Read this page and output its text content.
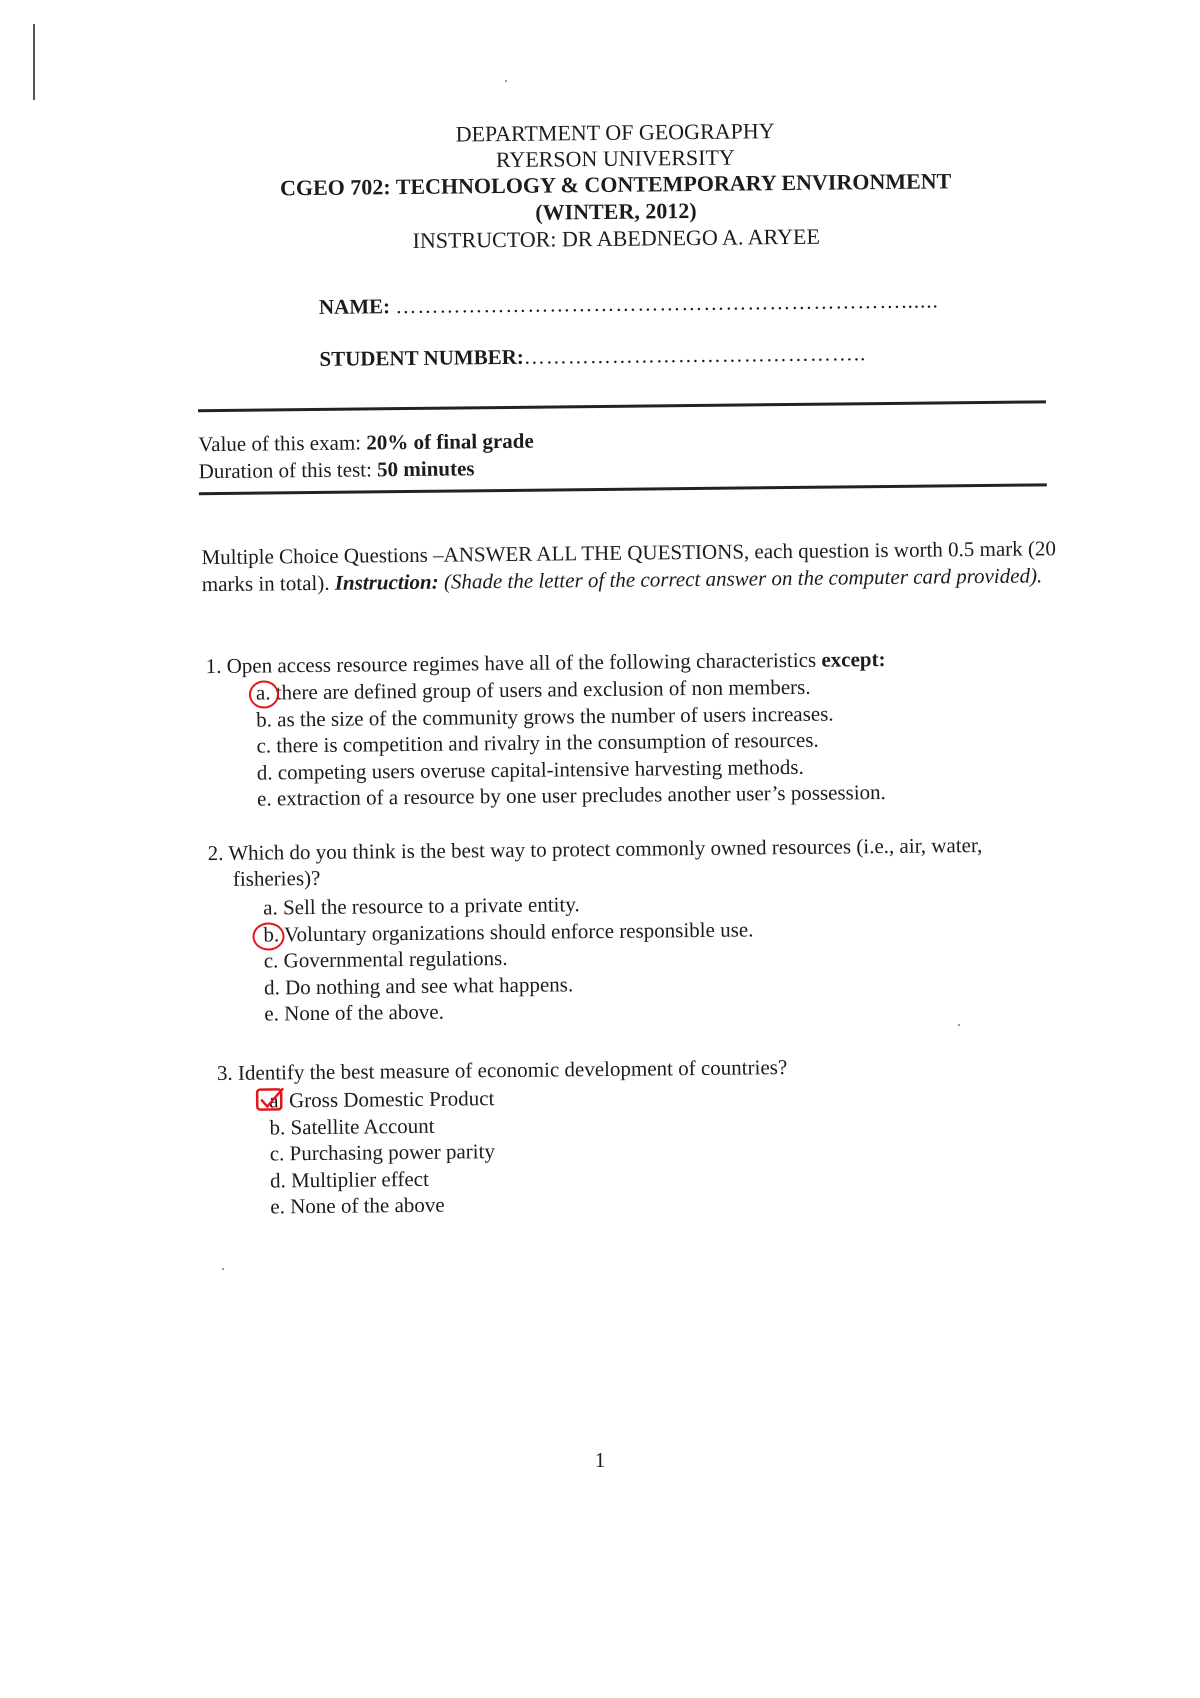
DEPARTMENT OF GEOGRAPHY
RYERSON UNIVERSITY
CGEO 702: TECHNOLOGY & CONTEMPORARY ENVIRONMENT
(WINTER, 2012)
INSTRUCTOR: DR ABEDNEGO A. ARYEE
NAME: ……………………………………………………………......
STUDENT NUMBER:………………………………………..
Value of this exam: 20% of final grade
Duration of this test: 50 minutes
Multiple Choice Questions –ANSWER ALL THE QUESTIONS, each question is worth 0.5 mark (20 marks in total). Instruction: (Shade the letter of the correct answer on the computer card provided).
1. Open access resource regimes have all of the following characteristics except:
a. there are defined group of users and exclusion of non members.
b. as the size of the community grows the number of users increases.
c. there is competition and rivalry in the consumption of resources.
d. competing users overuse capital-intensive harvesting methods.
e. extraction of a resource by one user precludes another user’s possession.
2. Which do you think is the best way to protect commonly owned resources (i.e., air, water, fisheries)?
a. Sell the resource to a private entity.
b. Voluntary organizations should enforce responsible use.
c. Governmental regulations.
d. Do nothing and see what happens.
e. None of the above.
3. Identify the best measure of economic development of countries?
a. Gross Domestic Product
b. Satellite Account
c. Purchasing power parity
d. Multiplier effect
e. None of the above
1
